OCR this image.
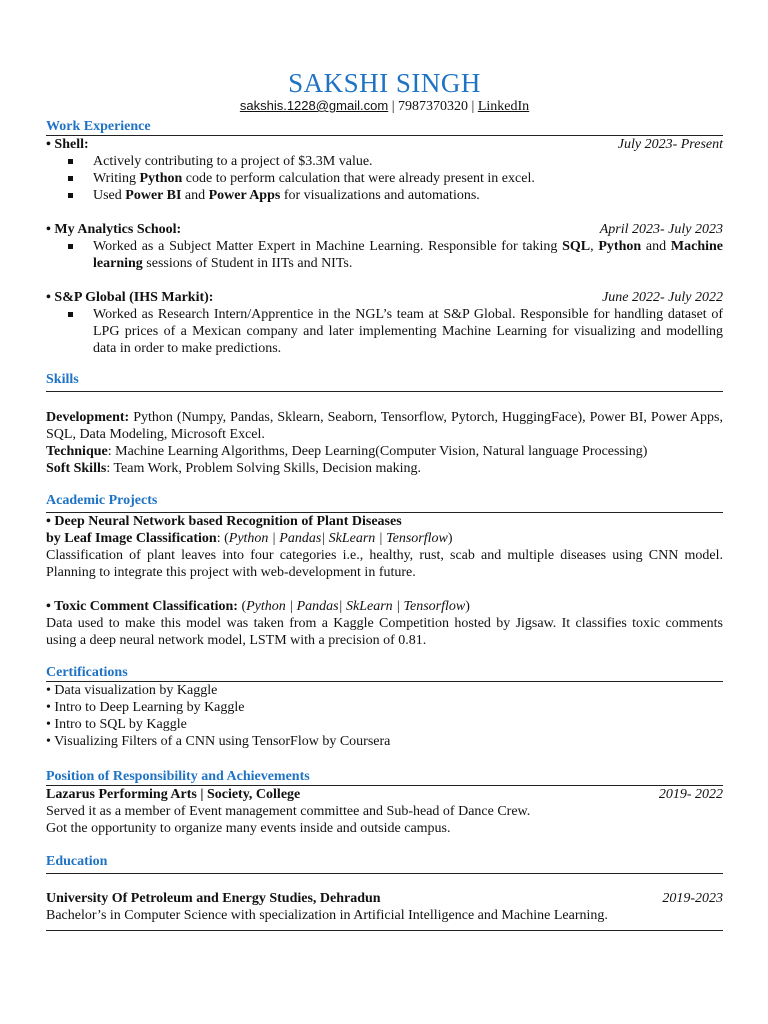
SAKSHI SINGH
sakshis.1228@gmail.com | 7987370320 | LinkedIn
Work Experience
• Shell:	July 2023- Present
Actively contributing to a project of $3.3M value.
Writing Python code to perform calculation that were already present in excel.
Used Power BI and Power Apps for visualizations and automations.
• My Analytics School:	April 2023- July 2023
Worked as a Subject Matter Expert in Machine Learning. Responsible for taking SQL, Python and Machine learning sessions of Student in IITs and NITs.
• S&P Global (IHS Markit):	June 2022- July 2022
Worked as Research Intern/Apprentice in the NGL’s team at S&P Global. Responsible for handling dataset of LPG prices of a Mexican company and later implementing Machine Learning for visualizing and modelling data in order to make predictions.
Skills
Development: Python (Numpy, Pandas, Sklearn, Seaborn, Tensorflow, Pytorch, HuggingFace), Power BI, Power Apps, SQL, Data Modeling, Microsoft Excel.
Technique: Machine Learning Algorithms, Deep Learning(Computer Vision, Natural language Processing)
Soft Skills: Team Work, Problem Solving Skills, Decision making.
Academic Projects
• Deep Neural Network based Recognition of Plant Diseases
by Leaf Image Classification: (Python | Pandas| SkLearn | Tensorflow)
Classification of plant leaves into four categories i.e., healthy, rust, scab and multiple diseases using CNN model. Planning to integrate this project with web-development in future.
• Toxic Comment Classification: (Python | Pandas| SkLearn | Tensorflow)
Data used to make this model was taken from a Kaggle Competition hosted by Jigsaw. It classifies toxic comments using a deep neural network model, LSTM with a precision of 0.81.
Certifications
• Data visualization by Kaggle
• Intro to Deep Learning by Kaggle
• Intro to SQL by Kaggle
• Visualizing Filters of a CNN using TensorFlow by Coursera
Position of Responsibility and Achievements
Lazarus Performing Arts | Society, College	2019- 2022
Served it as a member of Event management committee and Sub-head of Dance Crew.
Got the opportunity to organize many events inside and outside campus.
Education
University Of Petroleum and Energy Studies, Dehradun	2019-2023
Bachelor’s in Computer Science with specialization in Artificial Intelligence and Machine Learning.
